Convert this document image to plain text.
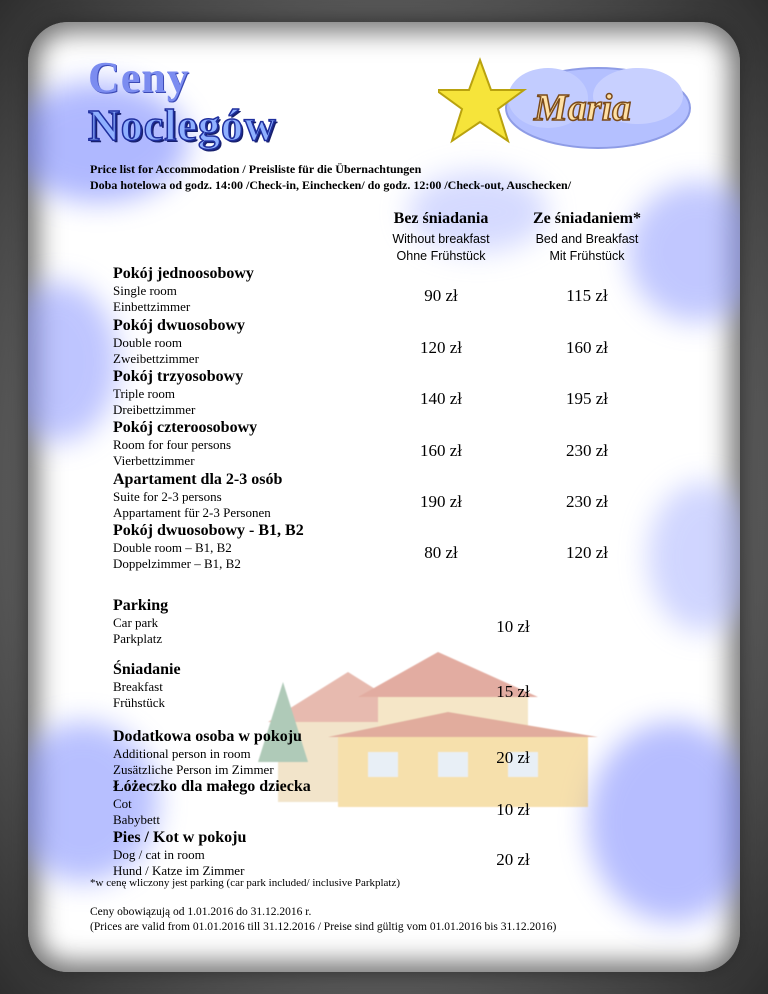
Ceny
Noclegów	Maria
Price list for Accommodation / Preisliste für die Übernachtungen
Doba hotelowa od godz. 14:00 /Check-in, Einchecken/ do godz. 12:00 /Check-out, Auschecken/
Bez śniadania
Without breakfast
Ohne Frühstück
Ze śniadaniem*
Bed and Breakfast
Mit Frühstück
Pokój jednoosobowy
Single room
Einbettzimmer
90 zł	115 zł
Pokój dwuosobowy
Double room
Zweibettzimmer
120 zł	160 zł
Pokój trzyosobowy
Triple room
Dreibettzimmer
140 zł	195 zł
Pokój czteroosobowy
Room for four persons
Vierbettzimmer
160 zł	230 zł
Apartament dla 2-3 osób
Suite for 2-3 persons
Appartament für 2-3 Personen
190 zł	230 zł
Pokój dwuosobowy - B1, B2
Double room – B1, B2
Doppelzimmer – B1, B2
80 zł	120 zł
Parking
Car park
Parkplatz
10 zł
Śniadanie
Breakfast
Frühstück
15 zł
Dodatkowa osoba w pokoju
Additional person in room
Zusätzliche Person im Zimmer
20 zł
Łóżeczko dla małego dziecka
Cot
Babybett
10 zł
Pies / Kot w pokoju
Dog / cat in room
Hund / Katze im Zimmer
20 zł
*w cenę wliczony jest parking (car park included/ inclusive Parkplatz)
Ceny obowiązują od 1.01.2016 do 31.12.2016 r.
(Prices are valid from 01.01.2016 till 31.12.2016 / Preise sind gültig vom 01.01.2016 bis 31.12.2016)
